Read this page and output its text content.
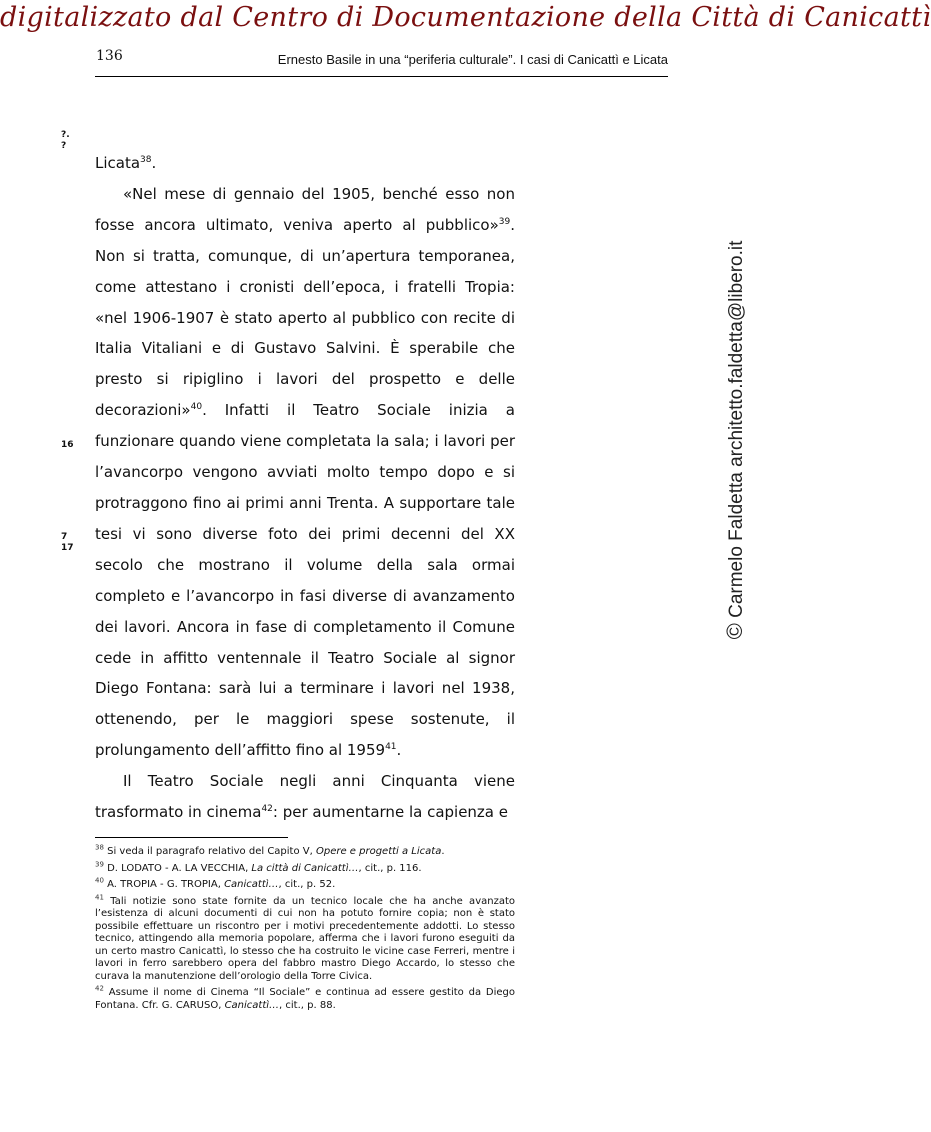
digitalizzato dal Centro di Documentazione della Città di Canicattì
136	Ernesto Basile in una “periferia culturale”. I casi di Canicattì e Licata
?.
?
16
7
17

Licata$^{38}$.

«Nel mese di gennaio del 1905, benché esso non fosse ancora ultimato, veniva aperto al pubblico»$^{39}$. Non si tratta, comunque, di un’apertura temporanea, come attestano i cronisti dell’epoca, i fratelli Tropia: «nel 1906-1907 è stato aperto al pubblico con recite di Italia Vitaliani e di Gustavo Salvini. È sperabile che presto si ripiglino i lavori del prospetto e delle decorazioni»$^{40}$. Infatti il Teatro Sociale inizia a funzionare quando viene completata la sala; i lavori per l’avancorpo vengono avviati molto tempo dopo e si protraggono fino ai primi anni Trenta. A supportare tale tesi vi sono diverse foto dei primi decenni del XX secolo che mostrano il volume della sala ormai completo e l’avancorpo in fasi diverse di avanzamento dei lavori. Ancora in fase di completamento il Comune cede in affitto ventennale il Teatro Sociale al signor Diego Fontana: sarà lui a terminare i lavori nel 1938, ottenendo, per le maggiori spese sostenute, il prolungamento dell’affitto fino al 1959$^{41}$.

Il Teatro Sociale negli anni Cinquanta viene trasformato in cinema$^{42}$: per aumentarne la capienza e

$^{38}$ Si veda il paragrafo relativo del Capito V, Opere e progetti a Licata.

$^{39}$ D. LODATO - A. LA VECCHIA, La città di Canicattì…, cit., p. 116.

$^{40}$ A. TROPIA - G. TROPIA, Canicattì…, cit., p. 52.

$^{41}$ Tali notizie sono state fornite da un tecnico locale che ha anche avanzato l’esistenza di alcuni documenti di cui non ha potuto fornire copia; non è stato possibile effettuare un riscontro per i motivi precedentemente addotti. Lo stesso tecnico, attingendo alla memoria popolare, afferma che i lavori furono eseguiti da un certo mastro Canicattì, lo stesso che ha costruito le vicine case Ferreri, mentre i lavori in ferro sarebbero opera del fabbro mastro Diego Accardo, lo stesso che curava la manutenzione dell’orologio della Torre Civica.

$^{42}$ Assume il nome di Cinema “Il Sociale” e continua ad essere gestito da Diego Fontana. Cfr. G. CARUSO, Canicattì…, cit., p. 88.

© Carmelo Faldetta architetto.faldetta@libero.it
